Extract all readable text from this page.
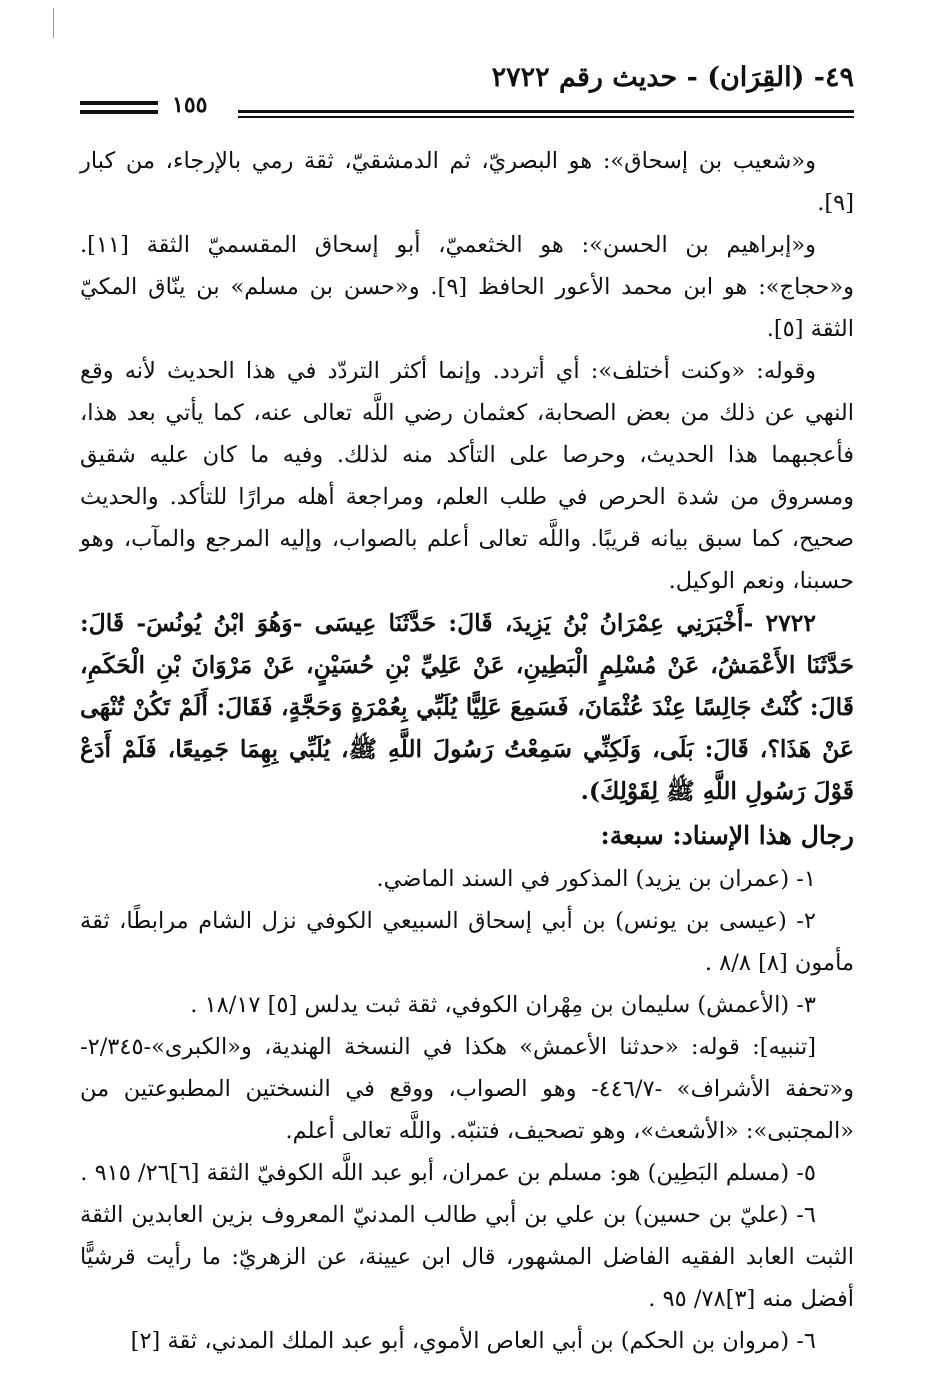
٤٩- (القِرَان) - حديث رقم ٢٧٢٢
١٥٥

و«شعيب بن إسحاق»: هو البصريّ، ثم الدمشقيّ، ثقة رمي بالإرجاء، من كبار [٩].

و«إبراهيم بن الحسن»: هو الخثعميّ، أبو إسحاق المقسميّ الثقة [١١]. و«حجاج»: هو ابن محمد الأعور الحافظ [٩]. و«حسن بن مسلم» بن ينّاق المكيّ الثقة [٥].

وقوله: «وكنت أختلف»: أي أتردد. وإنما أكثر التردّد في هذا الحديث لأنه وقع النهي عن ذلك من بعض الصحابة، كعثمان رضي اللَّه تعالى عنه، كما يأتي بعد هذا، فأعجبهما هذا الحديث، وحرصا على التأكد منه لذلك. وفيه ما كان عليه شقيق ومسروق من شدة الحرص في طلب العلم، ومراجعة أهله مرارًا للتأكد. والحديث صحيح، كما سبق بيانه قريبًا. واللَّه تعالى أعلم بالصواب، وإليه المرجع والمآب، وهو حسبنا، ونعم الوكيل.

٢٧٢٢ -أَخْبَرَنِي عِمْرَانُ بْنُ يَزِيدَ، قَالَ: حَدَّثَنَا عِيسَى -وَهُوَ ابْنُ يُونُسَ- قَالَ: حَدَّثَنَا الأَعْمَشُ، عَنْ مُسْلِمٍ الْبَطِينِ، عَنْ عَلِيِّ بْنِ حُسَيْنٍ، عَنْ مَرْوَانَ بْنِ الْحَكَمِ، قَالَ: كُنْتُ جَالِسًا عِنْدَ عُثْمَانَ، فَسَمِعَ عَلِيًّا يُلَبِّي بِعُمْرَةٍ وَحَجَّةٍ، فَقَالَ: أَلَمْ تَكُنْ تُنْهَى عَنْ هَذَا؟، قَالَ: بَلَى، وَلَكِنِّي سَمِعْتُ رَسُولَ اللَّهِ ﷺ، يُلَبِّي بِهِمَا جَمِيعًا، فَلَمْ أَدَعْ قَوْلَ رَسُولِ اللَّهِ ﷺ لِقَوْلِكَ).

رجال هذا الإسناد: سبعة:

١- (عمران بن يزيد) المذكور في السند الماضي.

٢- (عيسى بن يونس) بن أبي إسحاق السبيعي الكوفي نزل الشام مرابطًا، ثقة مأمون [٨] ٨/٨ .

٣- (الأعمش) سليمان بن مِهْران الكوفي، ثقة ثبت يدلس [٥] ١٨/١٧ .

[تنبيه]: قوله: «حدثنا الأعمش» هكذا في النسخة الهندية، و«الكبرى»-٢/٣٤٥- و«تحفة الأشراف» -٤٤٦/٧- وهو الصواب، ووقع في النسختين المطبوعتين من «المجتبى»: «الأشعث»، وهو تصحيف، فتنبّه. واللَّه تعالى أعلم.

٥- (مسلم البَطِين) هو: مسلم بن عمران، أبو عبد اللَّه الكوفيّ الثقة [٦]٢٦/ ٩١٥ .

٦- (عليّ بن حسين) بن علي بن أبي طالب المدنيّ المعروف بزين العابدين الثقة الثبت العابد الفقيه الفاضل المشهور، قال ابن عيينة، عن الزهريّ: ما رأيت قرشيًّا أفضل منه [٣]٧٨/ ٩٥ .

٦- (مروان بن الحكم) بن أبي العاص الأموي، أبو عبد الملك المدني، ثقة [٢]
